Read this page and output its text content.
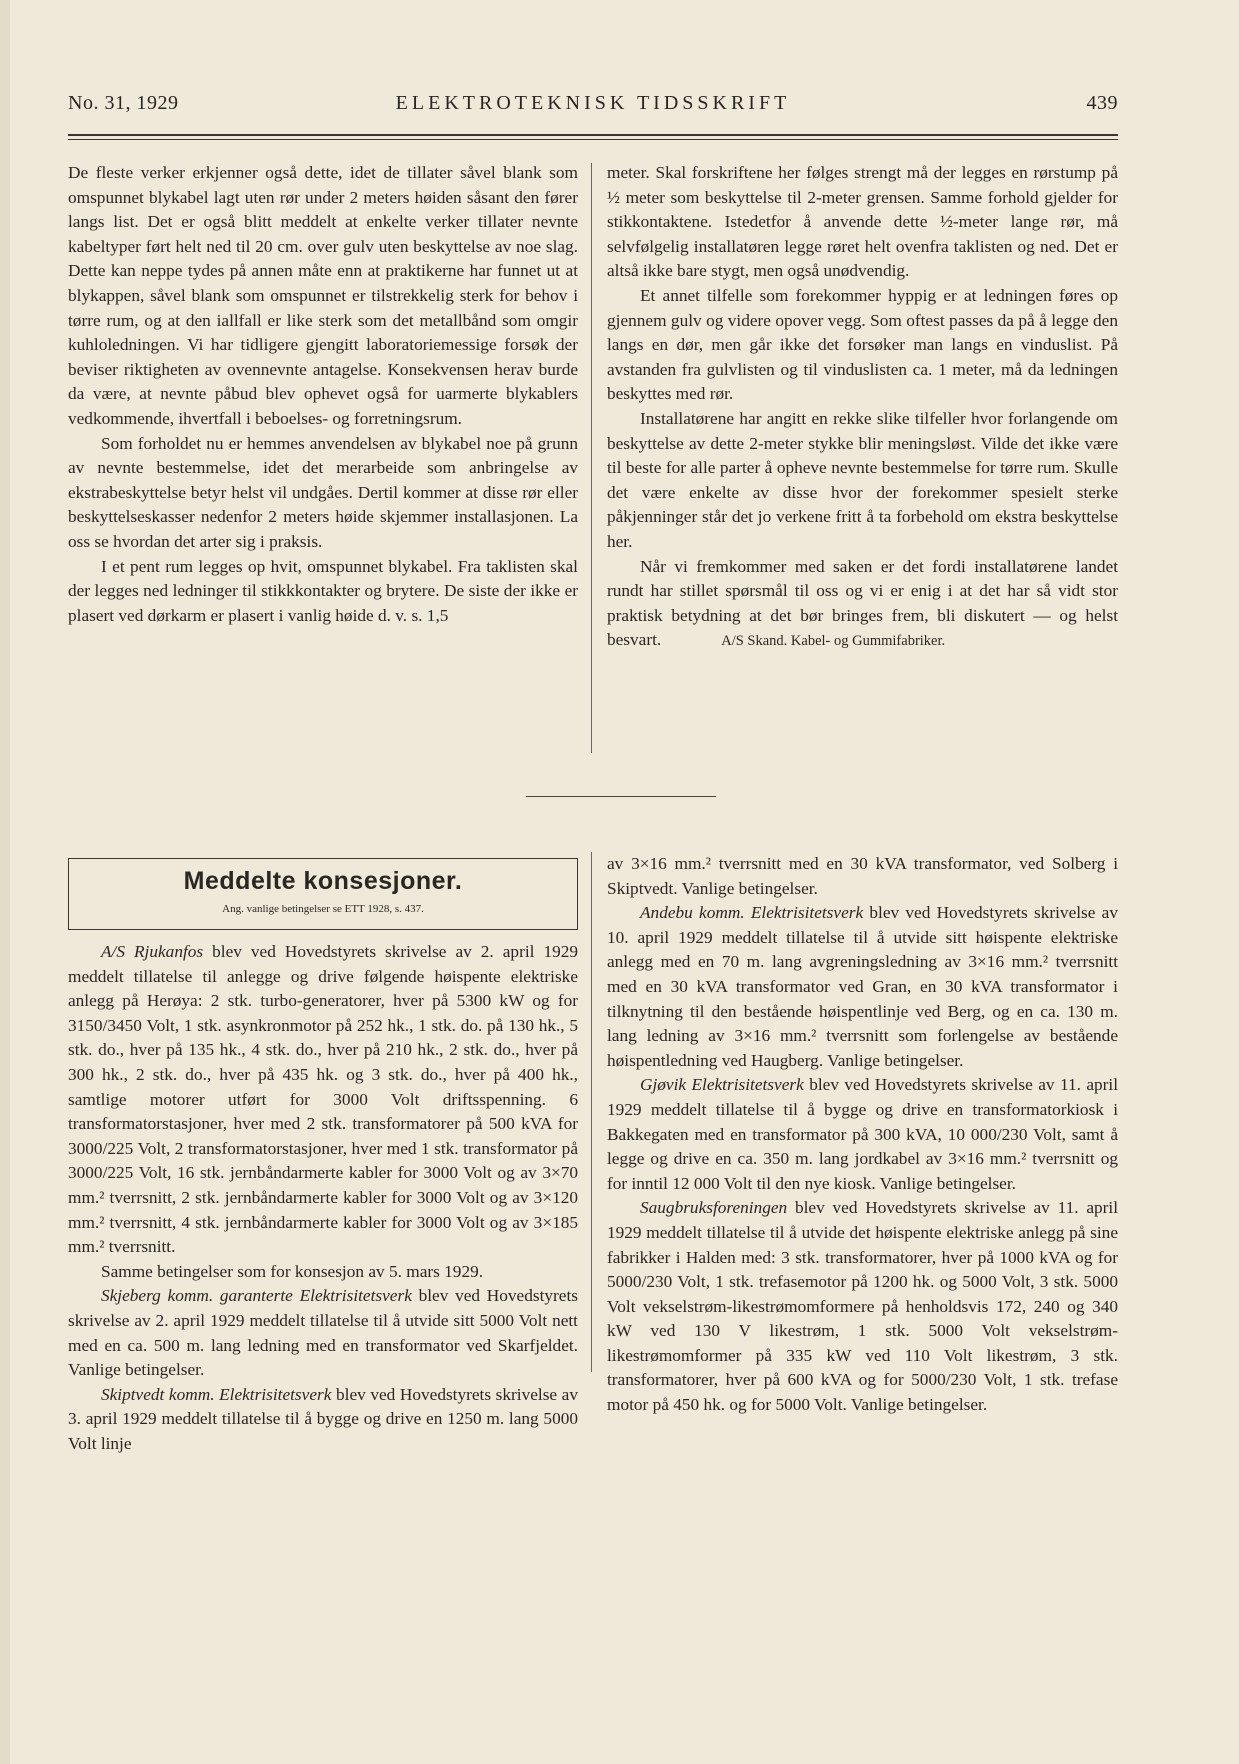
No. 31, 1929	ELEKTROTEKNISK TIDSSKRIFT	439

De fleste verker erkjenner også dette, idet de tillater såvel blank som omspunnet blykabel lagt uten rør under 2 meters høiden såsant den fører langs list. Det er også blitt meddelt at enkelte verker tillater nevnte kabeltyper ført helt ned til 20 cm. over gulv uten beskyttelse av noe slag. Dette kan neppe tydes på annen måte enn at praktikerne har funnet ut at blykappen, såvel blank som omspunnet er tilstrekkelig sterk for behov i tørre rum, og at den iallfall er like sterk som det metallbånd som omgir kuhloledningen. Vi har tidligere gjengitt laboratoriemessige forsøk der beviser riktigheten av ovennevnte antagelse. Konsekvensen herav burde da være, at nevnte påbud blev ophevet også for uarmerte blykablers vedkommende, ihvertfall i beboelses- og forretningsrum.

Som forholdet nu er hemmes anvendelsen av blykabel noe på grunn av nevnte bestemmelse, idet det merarbeide som anbringelse av ekstrabeskyttelse betyr helst vil undgåes. Dertil kommer at disse rør eller beskyttelseskasser nedenfor 2 meters høide skjemmer installasjonen. La oss se hvordan det arter sig i praksis.

I et pent rum legges op hvit, omspunnet blykabel. Fra taklisten skal der legges ned ledninger til stikkkontakter og brytere. De siste der ikke er plasert ved dørkarm er plasert i vanlig høide d. v. s. 1,5

meter. Skal forskriftene her følges strengt må der legges en rørstump på ½ meter som beskyttelse til 2-meter grensen. Samme forhold gjelder for stikkontaktene. Istedetfor å anvende dette ½-meter lange rør, må selvfølgelig installatøren legge røret helt ovenfra taklisten og ned. Det er altså ikke bare stygt, men også unødvendig.

Et annet tilfelle som forekommer hyppig er at ledningen føres op gjennem gulv og videre opover vegg. Som oftest passes da på å legge den langs en dør, men går ikke det forsøker man langs en vinduslist. På avstanden fra gulvlisten og til vinduslisten ca. 1 meter, må da ledningen beskyttes med rør.

Installatørene har angitt en rekke slike tilfeller hvor forlangende om beskyttelse av dette 2-meter stykke blir meningsløst. Vilde det ikke være til beste for alle parter å opheve nevnte bestemmelse for tørre rum. Skulle det være enkelte av disse hvor der forekommer spesielt sterke påkjenninger står det jo verkene fritt å ta forbehold om ekstra beskyttelse her.

Når vi fremkommer med saken er det fordi installatørene landet rundt har stillet spørsmål til oss og vi er enig i at det har så vidt stor praktisk betydning at det bør bringes frem, bli diskutert — og helst besvart.	A/S Skand. Kabel- og Gummifabriker.

Meddelte konsesjoner.
Ang. vanlige betingelser se ETT 1928, s. 437.

A/S Rjukanfos blev ved Hovedstyrets skrivelse av 2. april 1929 meddelt tillatelse til anlegge og drive følgende høispente elektriske anlegg på Herøya: 2 stk. turbo-generatorer, hver på 5300 kW og for 3150/3450 Volt, 1 stk. asynkronmotor på 252 hk., 1 stk. do. på 130 hk., 5 stk. do., hver på 135 hk., 4 stk. do., hver på 210 hk., 2 stk. do., hver på 300 hk., 2 stk. do., hver på 435 hk. og 3 stk. do., hver på 400 hk., samtlige motorer utført for 3000 Volt driftsspenning. 6 transformatorstasjoner, hver med 2 stk. transformatorer på 500 kVA for 3000/225 Volt, 2 transformatorstasjoner, hver med 1 stk. transformator på 3000/225 Volt, 16 stk. jernbåndarmerte kabler for 3000 Volt og av 3×70 mm.² tverrsnitt, 2 stk. jernbåndarmerte kabler for 3000 Volt og av 3×120 mm.² tverrsnitt, 4 stk. jernbåndarmerte kabler for 3000 Volt og av 3×185 mm.² tverrsnitt.

Samme betingelser som for konsesjon av 5. mars 1929.

Skjeberg komm. garanterte Elektrisitetsverk blev ved Hovedstyrets skrivelse av 2. april 1929 meddelt tillatelse til å utvide sitt 5000 Volt nett med en ca. 500 m. lang ledning med en transformator ved Skarfjeldet. Vanlige betingelser.

Skiptvedt komm. Elektrisitetsverk blev ved Hovedstyrets skrivelse av 3. april 1929 meddelt tillatelse til å bygge og drive en 1250 m. lang 5000 Volt linje

av 3×16 mm.² tverrsnitt med en 30 kVA transformator, ved Solberg i Skiptvedt. Vanlige betingelser.

Andebu komm. Elektrisitetsverk blev ved Hovedstyrets skrivelse av 10. april 1929 meddelt tillatelse til å utvide sitt høispente elektriske anlegg med en 70 m. lang avgreningsledning av 3×16 mm.² tverrsnitt med en 30 kVA transformator ved Gran, en 30 kVA transformator i tilknytning til den bestående høispentlinje ved Berg, og en ca. 130 m. lang ledning av 3×16 mm.² tverrsnitt som forlengelse av bestående høispentledning ved Haugberg. Vanlige betingelser.

Gjøvik Elektrisitetsverk blev ved Hovedstyrets skrivelse av 11. april 1929 meddelt tillatelse til å bygge og drive en transformatorkiosk i Bakkegaten med en transformator på 300 kVA, 10 000/230 Volt, samt å legge og drive en ca. 350 m. lang jordkabel av 3×16 mm.² tverrsnitt og for inntil 12 000 Volt til den nye kiosk. Vanlige betingelser.

Saugbruksforeningen blev ved Hovedstyrets skrivelse av 11. april 1929 meddelt tillatelse til å utvide det høispente elektriske anlegg på sine fabrikker i Halden med: 3 stk. transformatorer, hver på 1000 kVA og for 5000/230 Volt, 1 stk. trefasemotor på 1200 hk. og 5000 Volt, 3 stk. 5000 Volt vekselstrøm-likestrømomformere på henholdsvis 172, 240 og 340 kW ved 130 V likestrøm, 1 stk. 5000 Volt vekselstrøm-likestrømomformer på 335 kW ved 110 Volt likestrøm, 3 stk. transformatorer, hver på 600 kVA og for 5000/230 Volt, 1 stk. trefase motor på 450 hk. og for 5000 Volt. Vanlige betingelser.
